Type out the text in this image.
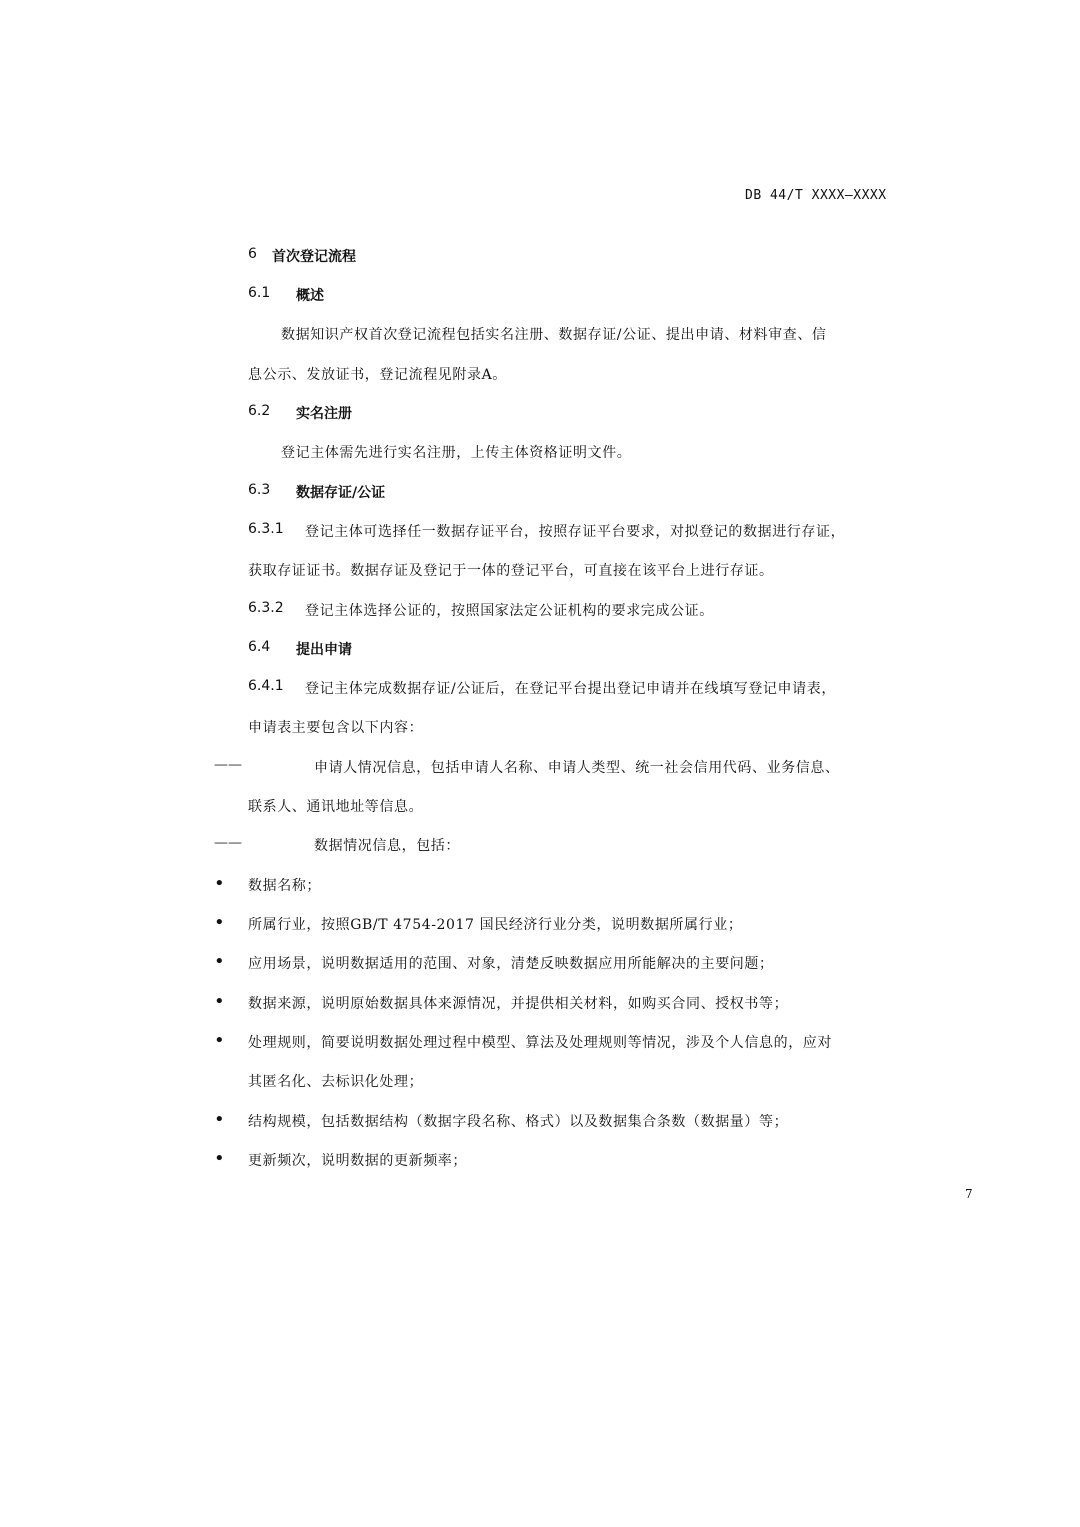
DB 44/T XXXX—XXXX
6 首次登记流程
6.1 概述
数据知识产权首次登记流程包括实名注册、数据存证/公证、提出申请、材料审查、信
息公示、发放证书，登记流程见附录A。
6.2 实名注册
登记主体需先进行实名注册，上传主体资格证明文件。
6.3 数据存证/公证
6.3.1 登记主体可选择任一数据存证平台，按照存证平台要求，对拟登记的数据进行存证，
获取存证证书。数据存证及登记于一体的登记平台，可直接在该平台上进行存证。
6.3.2 登记主体选择公证的，按照国家法定公证机构的要求完成公证。
6.4 提出申请
6.4.1 登记主体完成数据存证/公证后，在登记平台提出登记申请并在线填写登记申请表，
申请表主要包含以下内容：
——	申请人情况信息，包括申请人名称、申请人类型、统一社会信用代码、业务信息、
联系人、通讯地址等信息。
——	数据情况信息，包括：
• 数据名称；
• 所属行业，按照GB/T 4754-2017 国民经济行业分类，说明数据所属行业；
• 应用场景，说明数据适用的范围、对象，清楚反映数据应用所能解决的主要问题；
• 数据来源，说明原始数据具体来源情况，并提供相关材料，如购买合同、授权书等；
• 处理规则，简要说明数据处理过程中模型、算法及处理规则等情况，涉及个人信息的，应对
其匿名化、去标识化处理；
• 结构规模，包括数据结构（数据字段名称、格式）以及数据集合条数（数据量）等；
• 更新频次，说明数据的更新频率；
7
